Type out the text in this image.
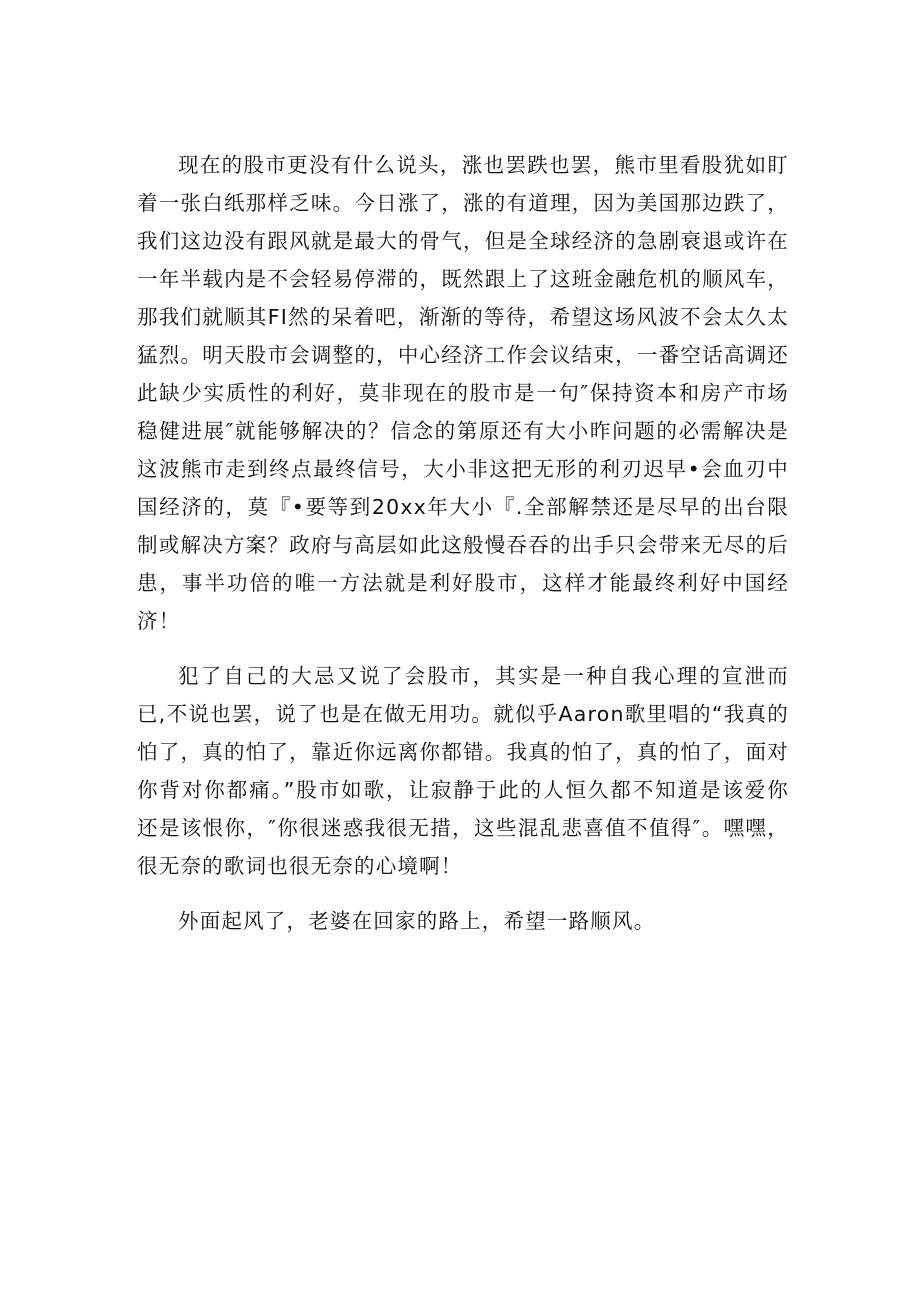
现在的股市更没有什么说头，涨也罢跌也罢，熊市里看股犹如盯着一张白纸那样乏味。今日涨了，涨的有道理，因为美国那边跌了，我们这边没有跟风就是最大的骨气，但是全球经济的急剧衰退或许在一年半载内是不会轻易停滞的，既然跟上了这班金融危机的顺风车，那我们就顺其FI然的呆着吧，渐渐的等待，希望这场风波不会太久太猛烈。明天股市会调整的，中心经济工作会议结束，一番空话高调还此缺少实质性的利好，莫非现在的股市是一句″保持资本和房产市场稳健进展″就能够解决的？信念的第原还有大小昨问题的必需解决是这波熊市走到终点最终信号，大小非这把无形的利刃迟早•会血刃中国经济的，莫『•要等到20xx年大小『.全部解禁还是尽早的出台限制或解决方案？政府与高层如此这般慢吞吞的出手只会带来无尽的后患，事半功倍的唯一方法就是利好股市，这样才能最终利好中国经济！

犯了自己的大忌又说了会股市，其实是一种自我心理的宣泄而已,不说也罢，说了也是在做无用功。就似乎Aaron歌里唱的“我真的怕了，真的怕了，靠近你远离你都错。我真的怕了，真的怕了，面对你背对你都痛。”股市如歌，让寂静于此的人恒久都不知道是该爱你还是该恨你，″你很迷惑我很无措，这些混乱悲喜值不值得″。嘿嘿，很无奈的歌词也很无奈的心境啊！

外面起风了，老婆在回家的路上，希望一路顺风。
